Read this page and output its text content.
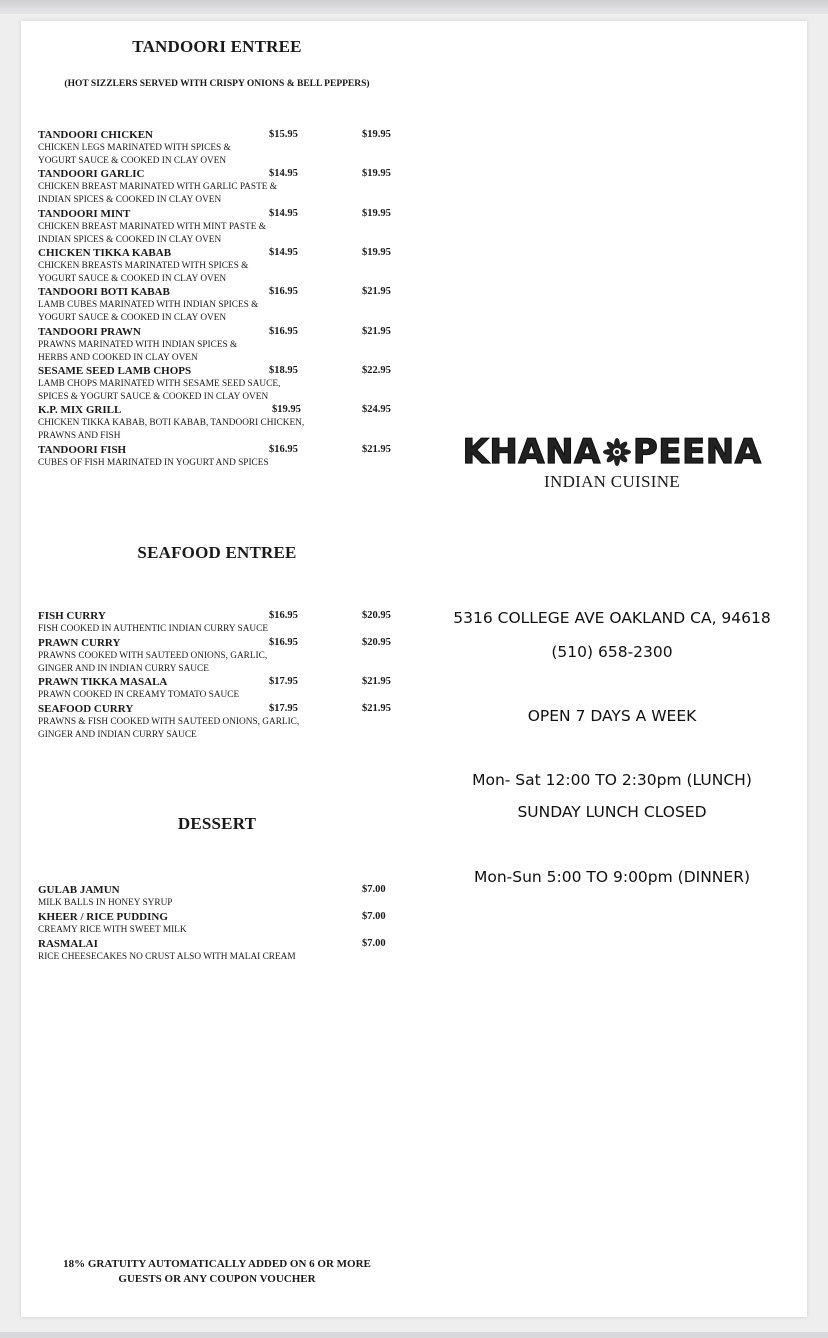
TANDOORI ENTREE
(HOT SIZZLERS SERVED WITH CRISPY ONIONS & BELL PEPPERS)
TANDOORI CHICKEN	$15.95	$19.95
CHICKEN LEGS MARINATED WITH SPICES & YOGURT SAUCE & COOKED IN CLAY OVEN
TANDOORI GARLIC	$14.95	$19.95
CHICKEN BREAST MARINATED WITH GARLIC PASTE & INDIAN SPICES & COOKED IN CLAY OVEN
TANDOORI MINT	$14.95	$19.95
CHICKEN BREAST MARINATED WITH MINT PASTE & INDIAN SPICES & COOKED IN CLAY OVEN
CHICKEN TIKKA KABAB	$14.95	$19.95
CHICKEN BREASTS MARINATED WITH SPICES & YOGURT SAUCE & COOKED IN CLAY OVEN
TANDOORI BOTI KABAB	$16.95	$21.95
LAMB CUBES MARINATED WITH INDIAN SPICES & YOGURT SAUCE & COOKED IN CLAY OVEN
TANDOORI PRAWN	$16.95	$21.95
PRAWNS MARINATED WITH INDIAN SPICES & HERBS AND COOKED IN CLAY OVEN
SESAME SEED LAMB CHOPS	$18.95	$22.95
LAMB CHOPS MARINATED WITH SESAME SEED SAUCE, SPICES & YOGURT SAUCE & COOKED IN CLAY OVEN
K.P. MIX GRILL	$19.95	$24.95
CHICKEN TIKKA KABAB, BOTI KABAB, TANDOORI CHICKEN, PRAWNS AND FISH
TANDOORI FISH	$16.95	$21.95
CUBES OF FISH MARINATED IN YOGURT AND SPICES
SEAFOOD ENTREE
FISH CURRY	$16.95	$20.95
FISH COOKED IN AUTHENTIC INDIAN CURRY SAUCE
PRAWN CURRY	$16.95	$20.95
PRAWNS COOKED WITH SAUTEED ONIONS, GARLIC, GINGER AND IN INDIAN CURRY SAUCE
PRAWN TIKKA MASALA	$17.95	$21.95
PRAWN COOKED IN CREAMY TOMATO SAUCE
SEAFOOD CURRY	$17.95	$21.95
PRAWNS & FISH COOKED WITH SAUTEED ONIONS, GARLIC, GINGER AND INDIAN CURRY SAUCE
DESSERT
GULAB JAMUN	$7.00
MILK BALLS IN HONEY SYRUP
KHEER / RICE PUDDING	$7.00
CREAMY RICE WITH SWEET MILK
RASMALAI	$7.00
RICE CHEESECAKES NO CRUST ALSO WITH MALAI CREAM
KHANA PEENA
INDIAN CUISINE
5316 COLLEGE AVE OAKLAND CA, 94618
(510) 658-2300
OPEN 7 DAYS A WEEK
Mon- Sat 12:00 TO 2:30pm (LUNCH)
SUNDAY LUNCH CLOSED
Mon-Sun 5:00 TO 9:00pm (DINNER)
18% GRATUITY AUTOMATICALLY ADDED ON 6 OR MORE
GUESTS OR ANY COUPON VOUCHER
